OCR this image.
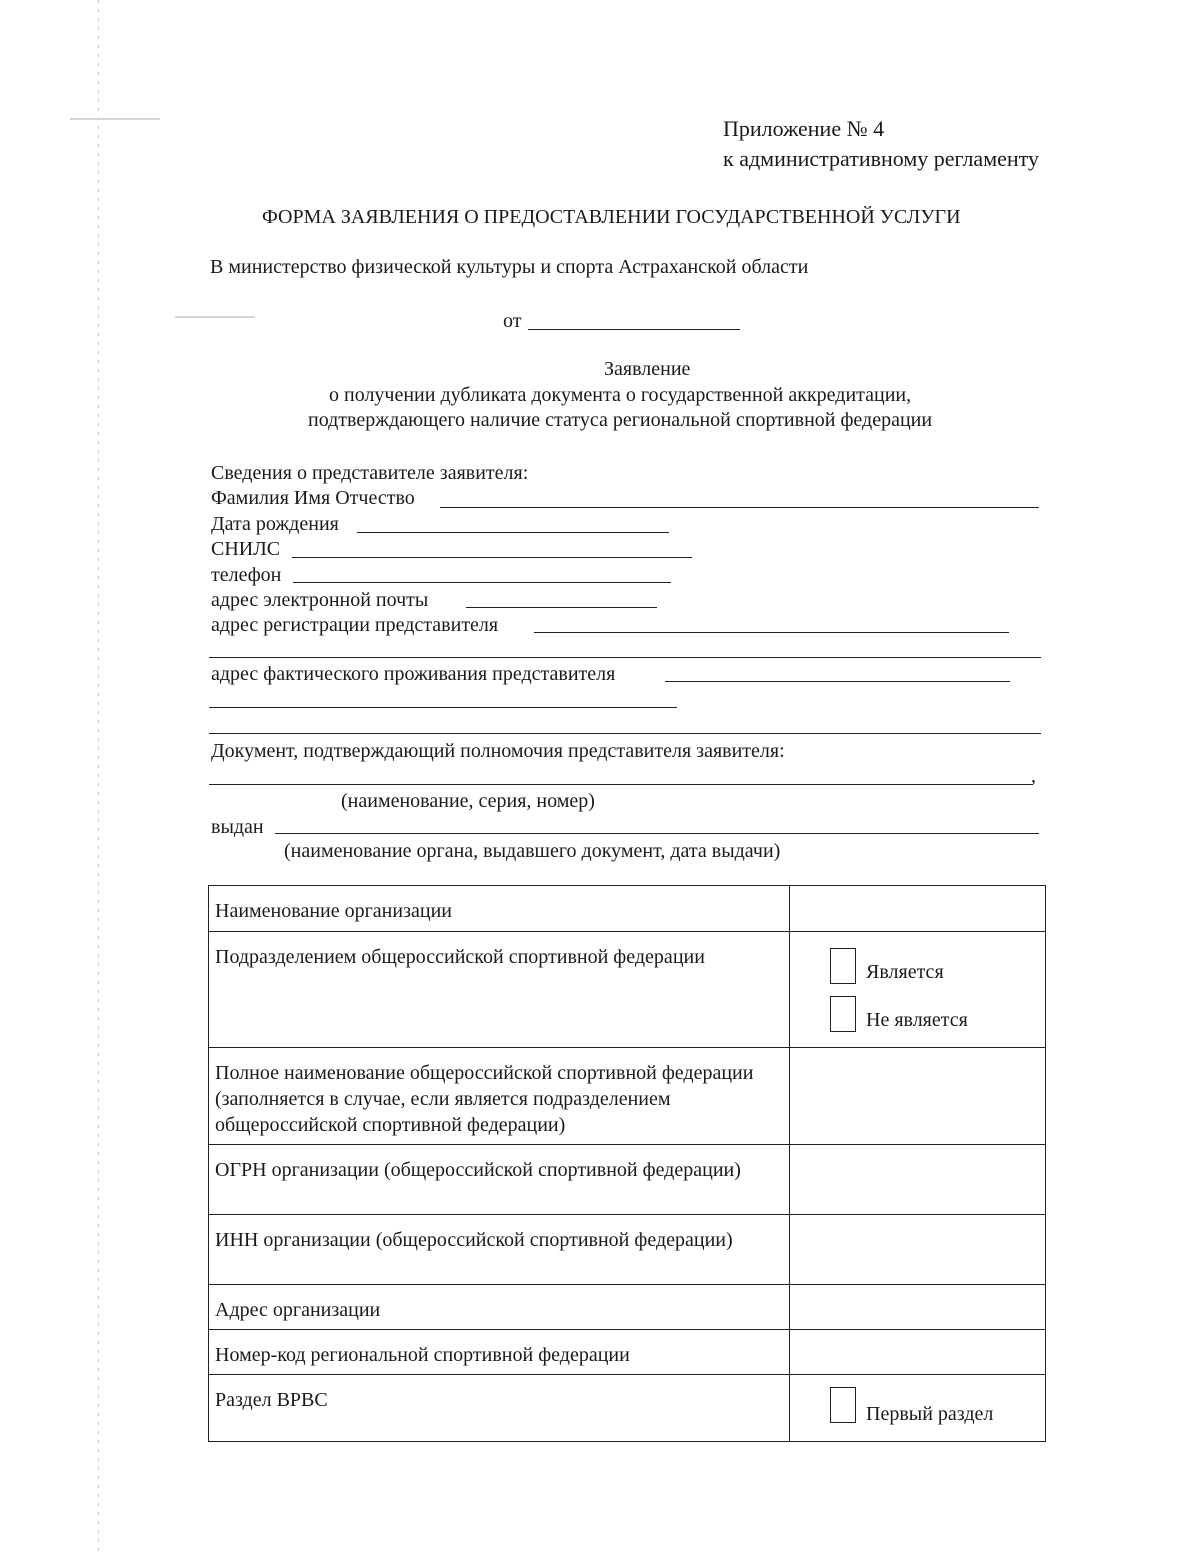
Приложение № 4
к административному регламенту
ФОРМА ЗАЯВЛЕНИЯ О ПРЕДОСТАВЛЕНИИ ГОСУДАРСТВЕННОЙ УСЛУГИ
В министерство физической культуры и спорта Астраханской области
от
Заявление
о получении дубликата документа о государственной аккредитации,
подтверждающего наличие статуса региональной спортивной федерации
Сведения о представителе заявителя:
Фамилия Имя Отчество
Дата рождения
СНИЛС
телефон
адрес электронной почты
адрес регистрации представителя
адрес фактического проживания представителя
Документ, подтверждающий полномочия представителя заявителя:
,
(наименование, серия, номер)
выдан
(наименование органа, выдавшего документ, дата выдачи)
Наименование организации	
Подразделением общероссийской спортивной федерации	Является
Не является

Полное наименование общероссийской спортивной федерации (заполняется в случае, если является подразделением общероссийской спортивной федерации)	
ОГРН организации (общероссийской спортивной федерации)	
ИНН организации (общероссийской спортивной федерации)	
Адрес организации	
Номер-код региональной спортивной федерации	
Раздел ВРВС	Первый раздел
